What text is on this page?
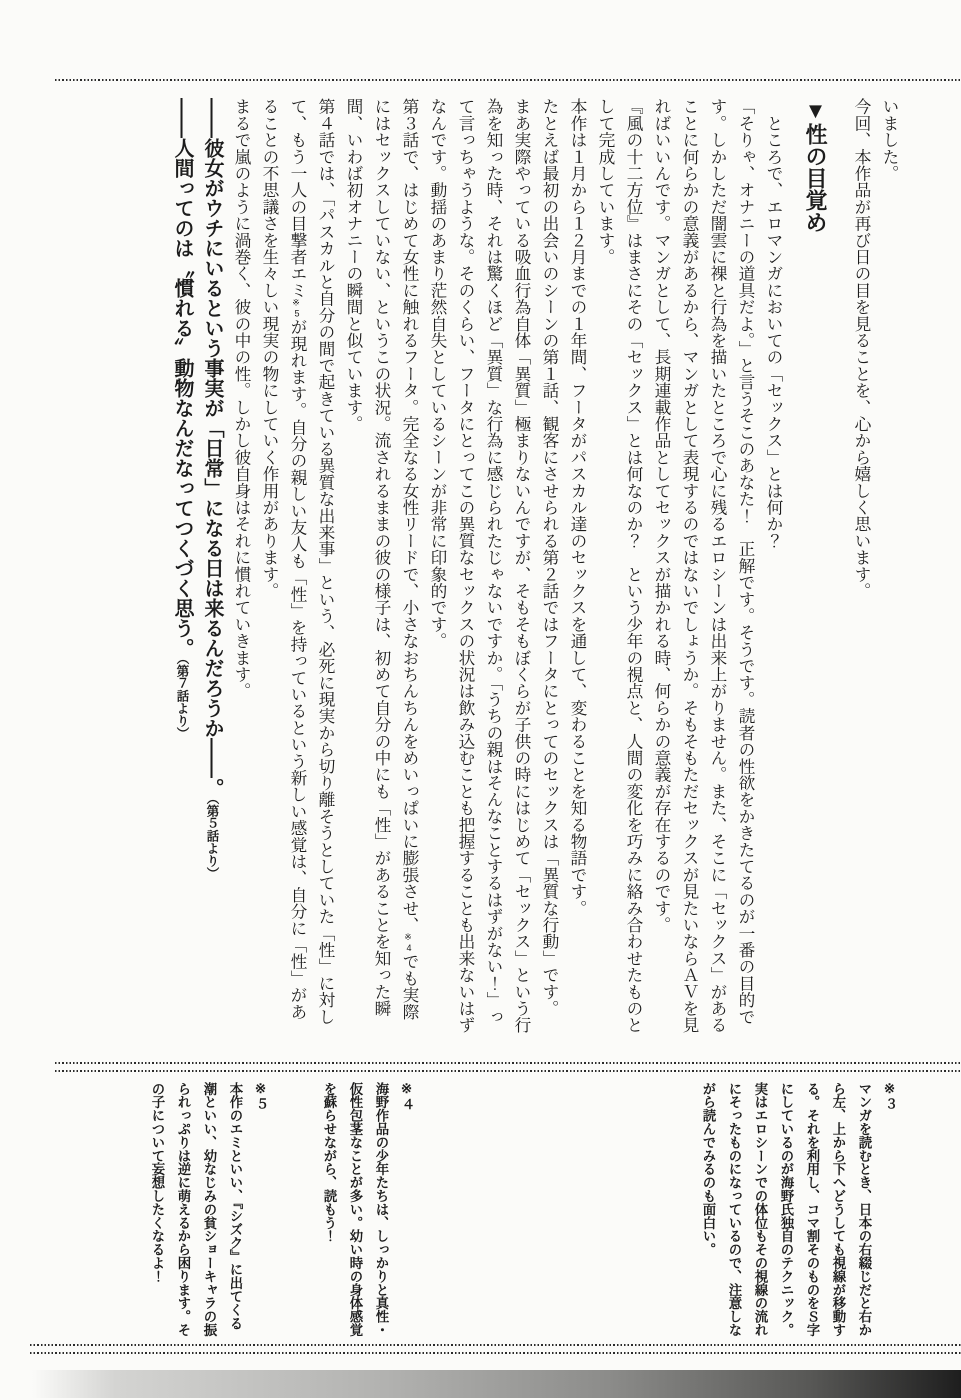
いました。

今回、本作品が再び日の目を見ることを、心から嬉しく思います。

▼性の目覚め

　ところで、エロマンガにおいての「セックス」とは何か？

「そりゃ、オナニーの道具だよ。」と言うそこのあなた！　正解です。そうです。読者の性欲をかきたてるのが一番の目的です。しかしただ闇雲に裸と行為を描いたところで心に残るエロシーンは出来上がりません。また、そこに「セックス」があることに何らかの意義があるから、マンガとして表現するのではないでしょうか。そもそもただセックスが見たいならＡＶを見ればいいんです。マンガとして、長期連載作品としてセックスが描かれる時、何らかの意義が存在するのです。

『風の十二方位』はまさにその「セックス」とは何なのか？　という少年の視点と、人間の変化を巧みに絡み合わせたものとして完成しています。

本作は１月から１２月までの１年間、フータがパスカル達のセックスを通して、変わることを知る物語です。

たとえば最初の出会いのシーンの第１話、観客にさせられる第２話ではフータにとってのセックスは「異質な行動」です。

まあ実際やっている吸血行為自体「異質」極まりないんですが、そもそもぼくらが子供の時にはじめて「セックス」という行為を知った時、それは驚くほど「異質」な行為に感じられたじゃないですか。「うちの親はそんなことするはずがない！」って言っちゃうような。そのくらい、フータにとってこの異質なセックスの状況は飲み込むことも把握することも出来ないはずなんです。動揺のあまり茫然自失としているシーンが非常に印象的です。

第３話で、はじめて女性に触れるフータ。完全なる女性リードで、小さなおちんちんをめいっぱいに膨張させ、※4でも実際にはセックスしていない、というこの状況。流されるままの彼の様子は、初めて自分の中にも「性」があることを知った瞬間、いわば初オナニーの瞬間と似ています。

第４話では、「パスカルと自分の間で起きている異質な出来事」という、必死に現実から切り離そうとしていた「性」に対して、もう一人の目撃者エミ※5が現れます。自分の親しい友人も「性」を持っているという新しい感覚は、自分に「性」があることの不思議さを生々しい現実の物にしていく作用があります。

まるで嵐のように渦巻く、彼の中の性。しかし彼自身はそれに慣れていきます。

――彼女がウチにいるという事実が「日常」になる日は来るんだろうか――。（第５話より）

――人間ってのは〝慣れる〟動物なんだなってつくづく思う。（第７話より）

※３

マンガを読むとき、日本の右綴じだと右から左、上から下へどうしても視線が移動する。それを利用し、コマ割そのものをＳ字にしているのが海野氏独自のテクニック。実はエロシーンでの体位もその視線の流れにそったものになっているので、注意しながら読んでみるのも面白い。

※４

海野作品の少年たちは、しっかりと真性・仮性包茎なことが多い。幼い時の身体感覚を蘇らせながら、読もう！

※５

本作のエミといい、『シズク』に出てくる潮といい、幼なじみの貧ショーキャラの振られっぷりは逆に萌えるから困ります。その子について妄想したくなるよ！
